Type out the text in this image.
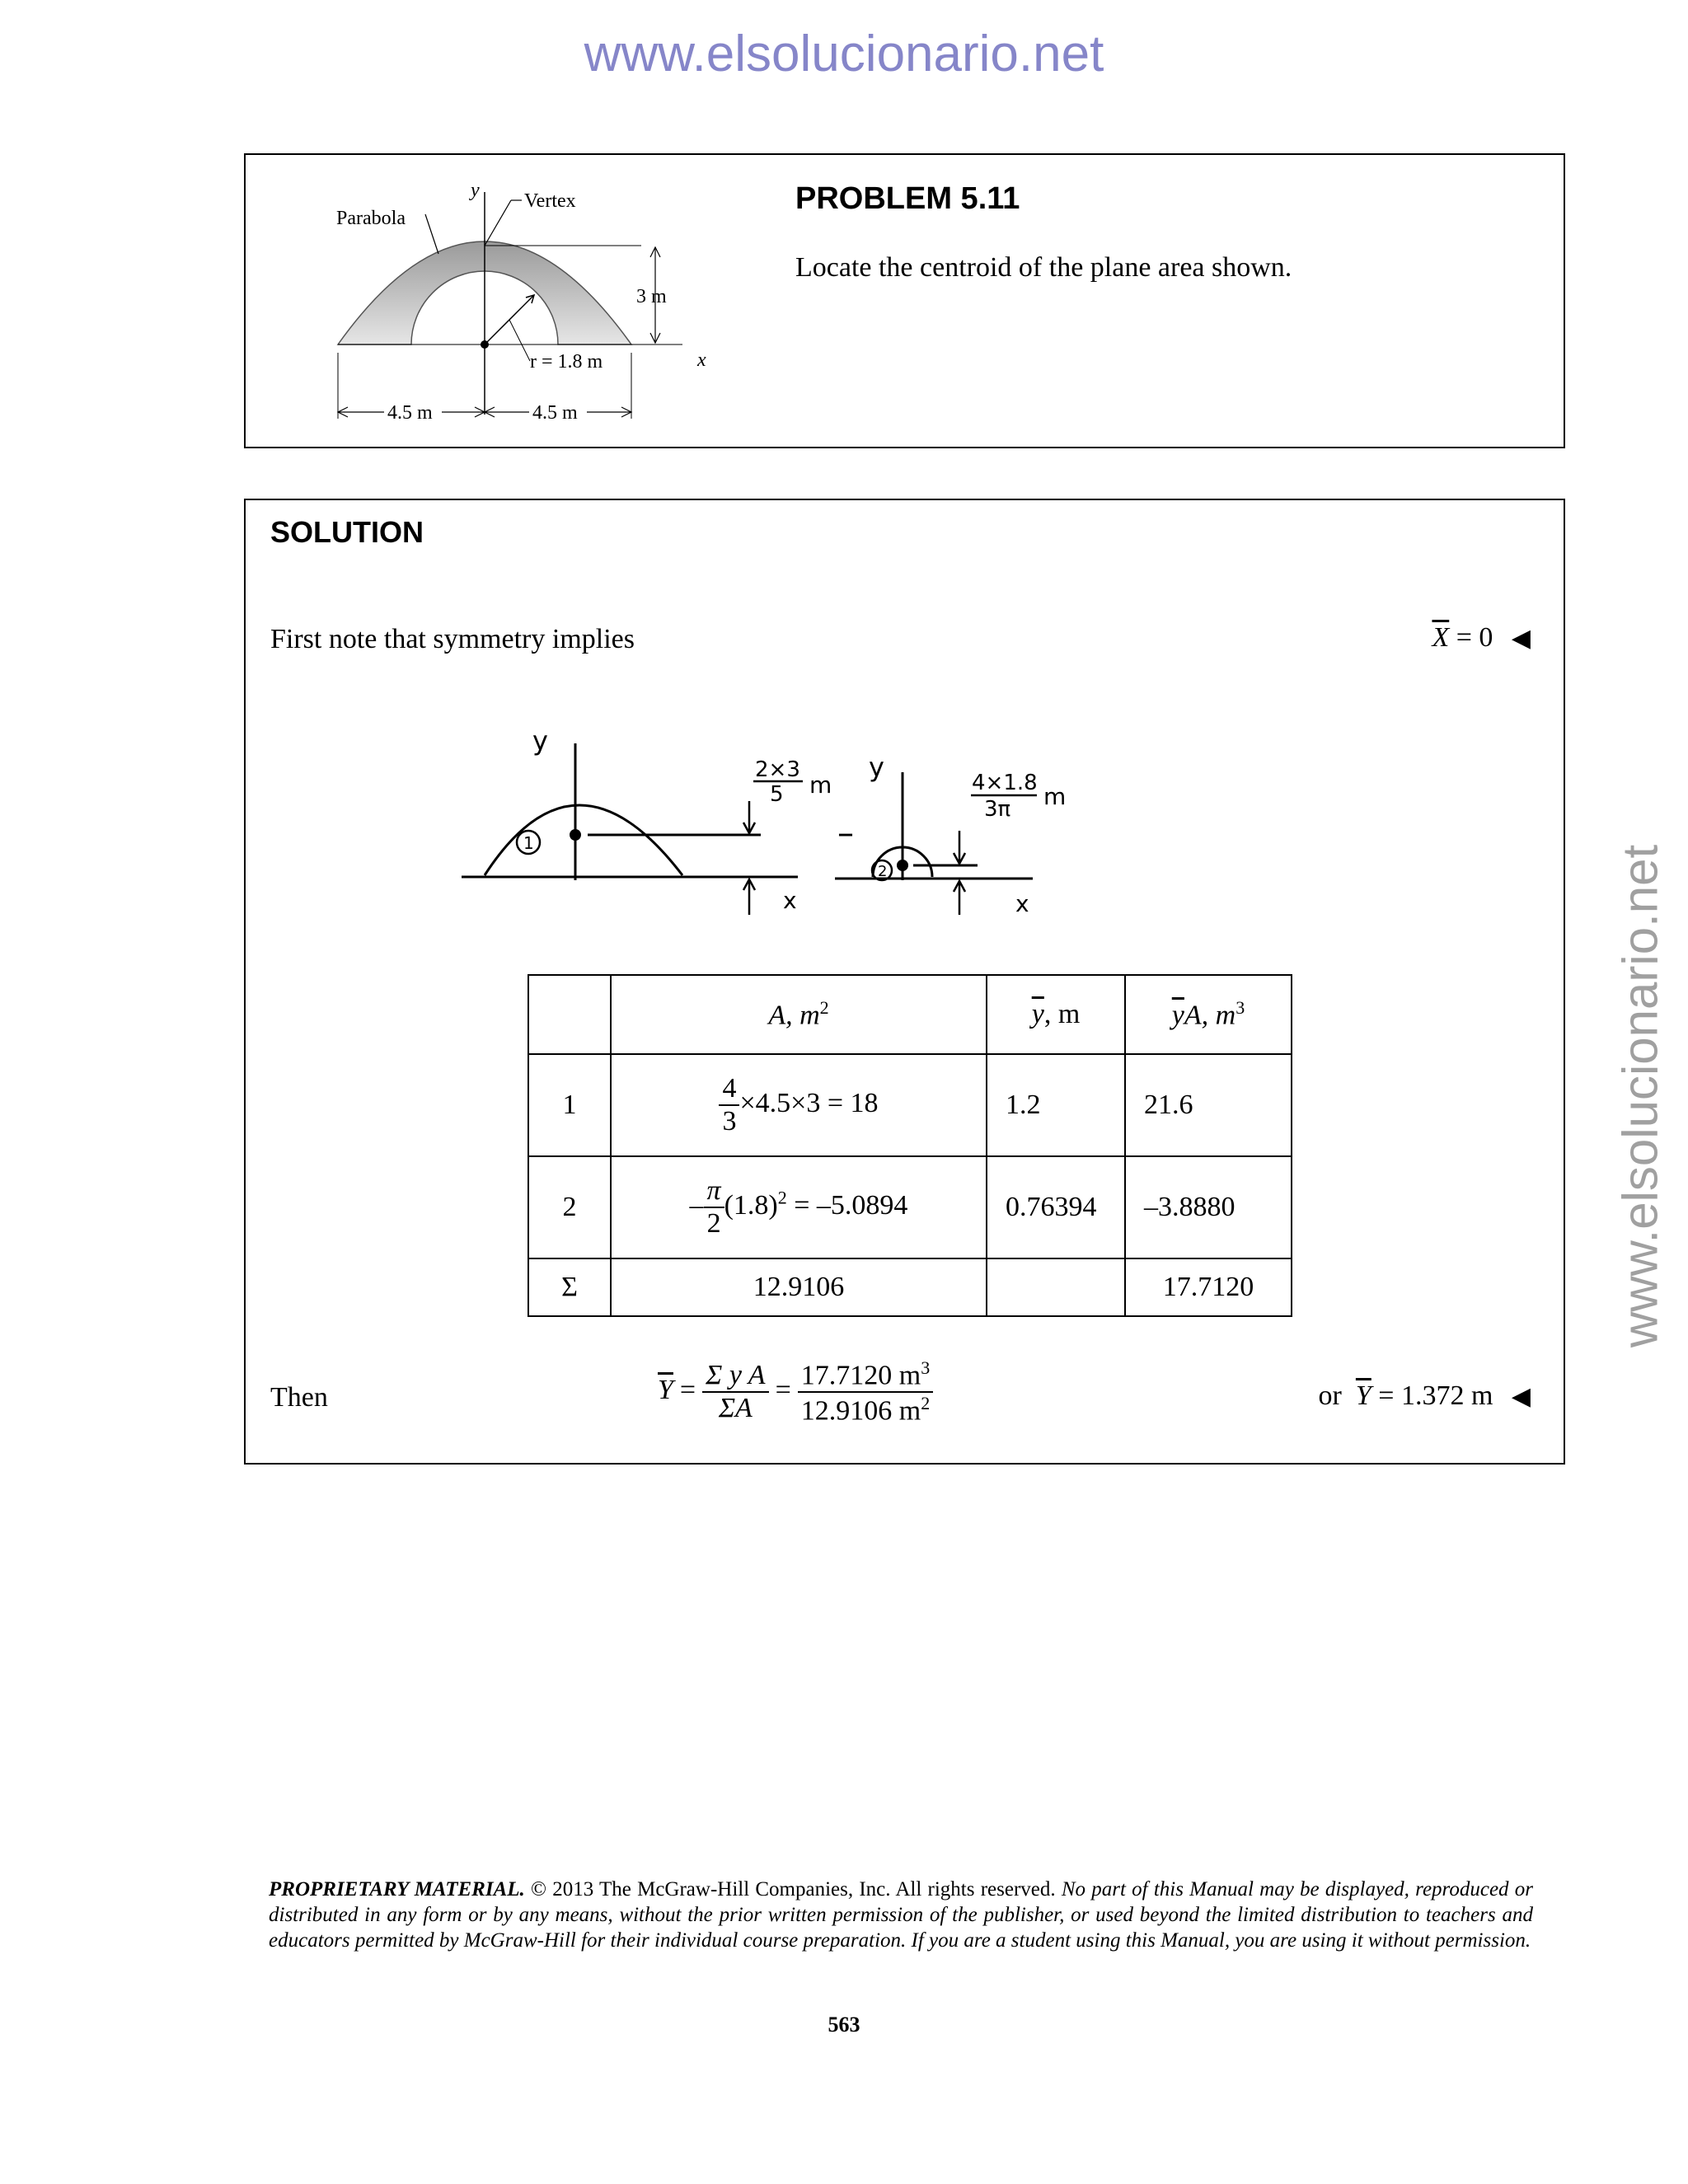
www.elsolucionario.net
www.elsolucionario.net
y Vertex
Parabola
r = 1.8 m
3 m
x
4.5 m	4.5 m
PROBLEM 5.11
Locate the centroid of the plane area shown.
SOLUTION
First note that symmetry implies	$\overline{X} = 0$ ◀
y
x
1
2×3
5 m
–
y
x
2
4×1.8
3π m
	A, $m^2$	$\overline{y}$, m	$\overline{y}A$, $m^3$
1	$\frac{4}{3} \times 4.5\times 3 = 18$	1.2	21.6
2	– $\frac{\pi}{2} (1.8)^2 = -5.0894$	0.76394	–3.8880
Σ	12.9106		17.7120
Then	$\overline{Y} = \frac{\text{Σ y A}}{\Sigma A} = \frac{17.7120 m^3}{12.9106 m^2}$	or $\overline{Y} = 1.372$ m ◀
PROPRIETARY MATERIAL. © 2013 The McGraw-Hill Companies, Inc. All rights reserved. No part of this Manual may be displayed, reproduced or distributed in any form or by any means, without the prior written permission of the publisher, or used beyond the limited distribution to teachers and educators permitted by McGraw-Hill for their individual course preparation. If you are a student using this Manual, you are using it without permission.
563
